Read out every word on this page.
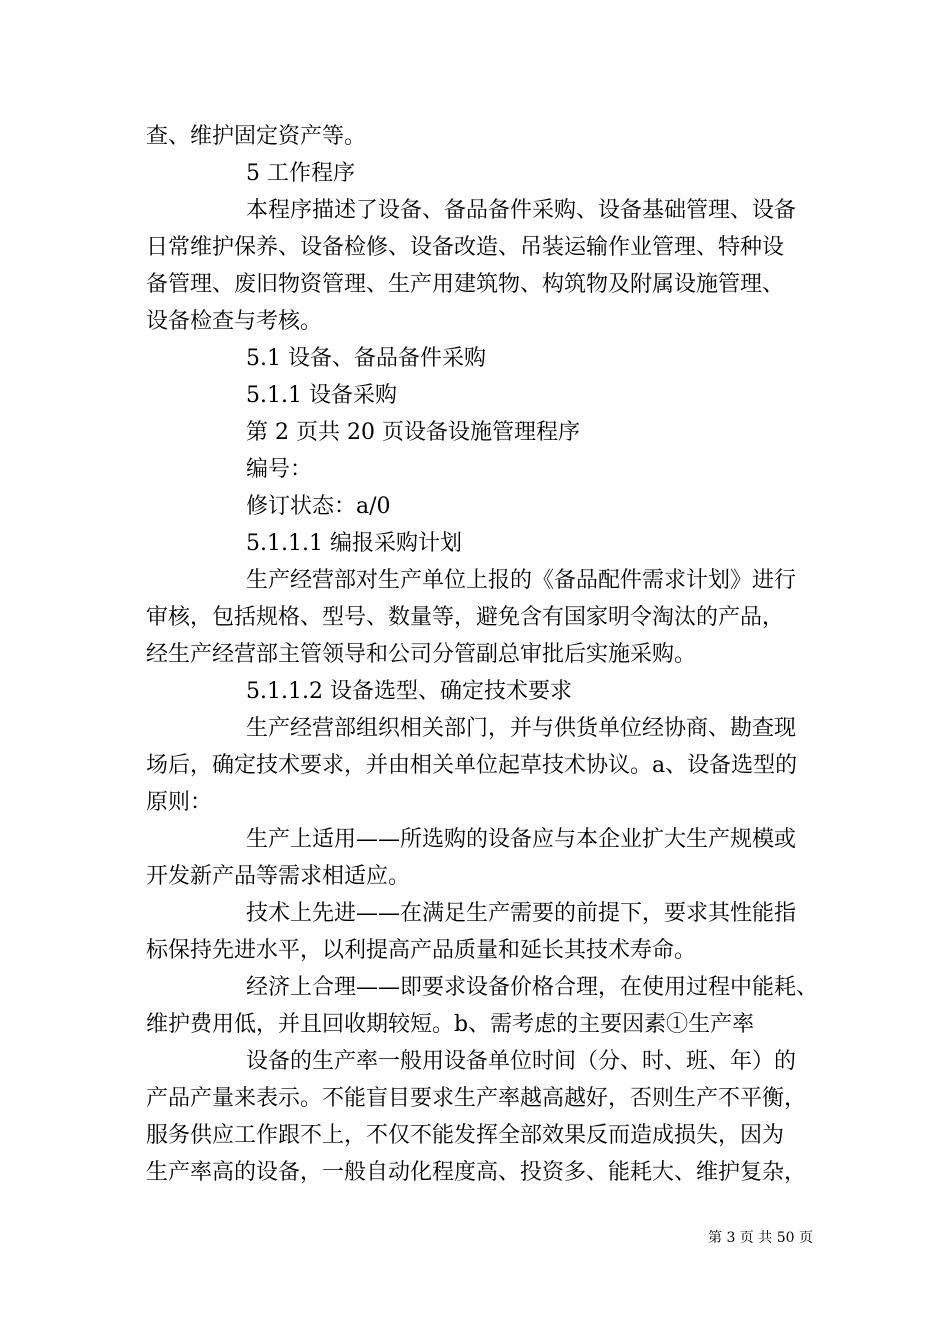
查、维护固定资产等。
5 工作程序
本程序描述了设备、备品备件采购、设备基础管理、设备
日常维护保养、设备检修、设备改造、吊装运输作业管理、特种设
备管理、废旧物资管理、生产用建筑物、构筑物及附属设施管理、
设备检查与考核。
5.1 设备、备品备件采购
5.1.1 设备采购
第 2 页共 20 页设备设施管理程序
编号：
修订状态：a/0
5.1.1.1 编报采购计划
生产经营部对生产单位上报的《备品配件需求计划》进行
审核，包括规格、型号、数量等，避免含有国家明令淘汰的产品，
经生产经营部主管领导和公司分管副总审批后实施采购。
5.1.1.2 设备选型、确定技术要求
生产经营部组织相关部门，并与供货单位经协商、勘查现
场后，确定技术要求，并由相关单位起草技术协议。a、设备选型的
原则：
生产上适用——所选购的设备应与本企业扩大生产规模或
开发新产品等需求相适应。
技术上先进——在满足生产需要的前提下，要求其性能指
标保持先进水平，以利提高产品质量和延长其技术寿命。
经济上合理——即要求设备价格合理，在使用过程中能耗、
维护费用低，并且回收期较短。b、需考虑的主要因素①生产率
设备的生产率一般用设备单位时间（分、时、班、年）的
产品产量来表示。不能盲目要求生产率越高越好，否则生产不平衡，
服务供应工作跟不上，不仅不能发挥全部效果反而造成损失，因为
生产率高的设备，一般自动化程度高、投资多、能耗大、维护复杂，
第 3 页 共 50 页
